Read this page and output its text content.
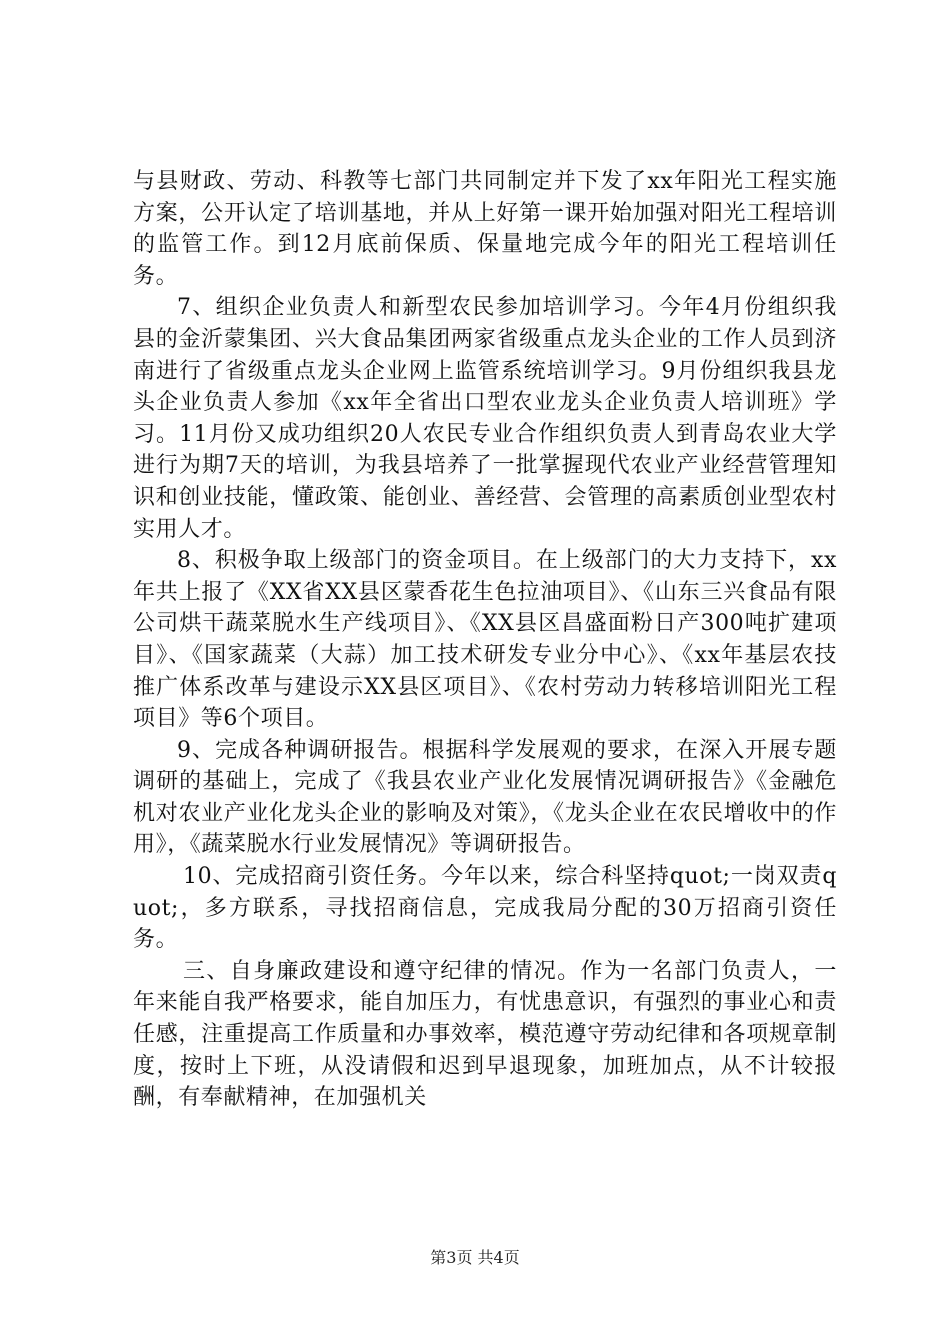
与县财政、劳动、科教等七部门共同制定并下发了xx年阳光工程实施方案，公开认定了培训基地，并从上好第一课开始加强对阳光工程培训的监管工作。到12月底前保质、保量地完成今年的阳光工程培训任务。

7、组织企业负责人和新型农民参加培训学习。今年4月份组织我县的金沂蒙集团、兴大食品集团两家省级重点龙头企业的工作人员到济南进行了省级重点龙头企业网上监管系统培训学习。9月份组织我县龙头企业负责人参加《xx年全省出口型农业龙头企业负责人培训班》学习。11月份又成功组织20人农民专业合作组织负责人到青岛农业大学进行为期7天的培训，为我县培养了一批掌握现代农业产业经营管理知识和创业技能，懂政策、能创业、善经营、会管理的高素质创业型农村实用人才。

8、积极争取上级部门的资金项目。在上级部门的大力支持下，xx年共上报了《XX省XX县区蒙香花生色拉油项目》、《山东三兴食品有限公司烘干蔬菜脱水生产线项目》、《XX县区昌盛面粉日产300吨扩建项目》、《国家蔬菜（大蒜）加工技术研发专业分中心》、《xx年基层农技推广体系改革与建设示XX县区项目》、《农村劳动力转移培训阳光工程项目》等6个项目。

9、完成各种调研报告。根据科学发展观的要求，在深入开展专题调研的基础上，完成了《我县农业产业化发展情况调研报告》《金融危机对农业产业化龙头企业的影响及对策》，《龙头企业在农民增收中的作用》，《蔬菜脱水行业发展情况》等调研报告。

10、完成招商引资任务。今年以来，综合科坚持quot;一岗双责quot;，多方联系，寻找招商信息，完成我局分配的30万招商引资任务。

三、自身廉政建设和遵守纪律的情况。作为一名部门负责人，一年来能自我严格要求，能自加压力，有忧患意识，有强烈的事业心和责任感，注重提高工作质量和办事效率，模范遵守劳动纪律和各项规章制度，按时上下班，从没请假和迟到早退现象，加班加点，从不计较报酬，有奉献精神，在加强机关

第3页 共4页
